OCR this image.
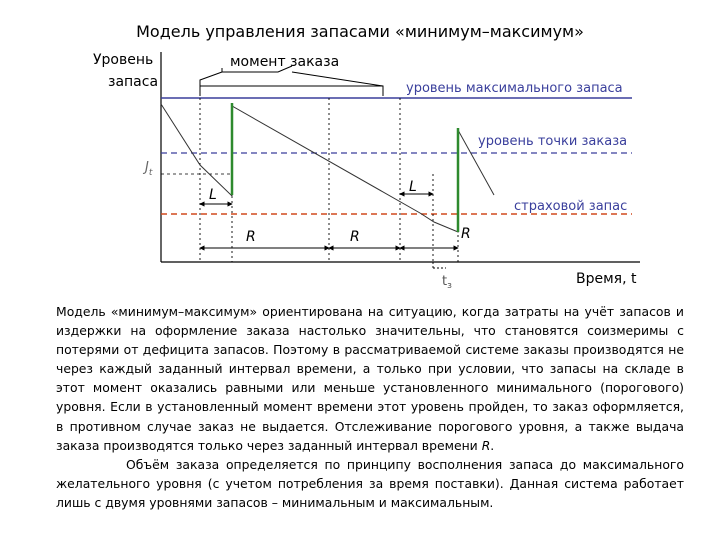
Модель управления запасами «минимум–максимум»
Уровень
запаса
Время, t
уровень максимального запаса
уровень точки заказа
страховой запас
$J_t$
момент заказа
L	L
R	R	R
$t_з$

Модель «минимум–максимум» ориентирована на ситуацию, когда затраты на учёт запасов и издержки на оформление заказа настолько значительны, что становятся соизмеримы с потерями от дефицита запасов. Поэтому в рассматриваемой системе заказы производятся не через каждый заданный интервал времени, а только при условии, что запасы на складе в этот момент оказались равными или меньше установленного минимального (порогового) уровня. Если в установленный момент времени этот уровень пройден, то заказ оформляется, в противном случае заказ не выдается. Отслеживание порогового уровня, а также выдача заказа производятся только через заданный интервал времени R.

Объём заказа определяется по принципу восполнения запаса до максимального желательного уровня (с учетом потребления за время поставки). Данная система работает лишь с двумя уровнями запасов – минимальным и максимальным.
